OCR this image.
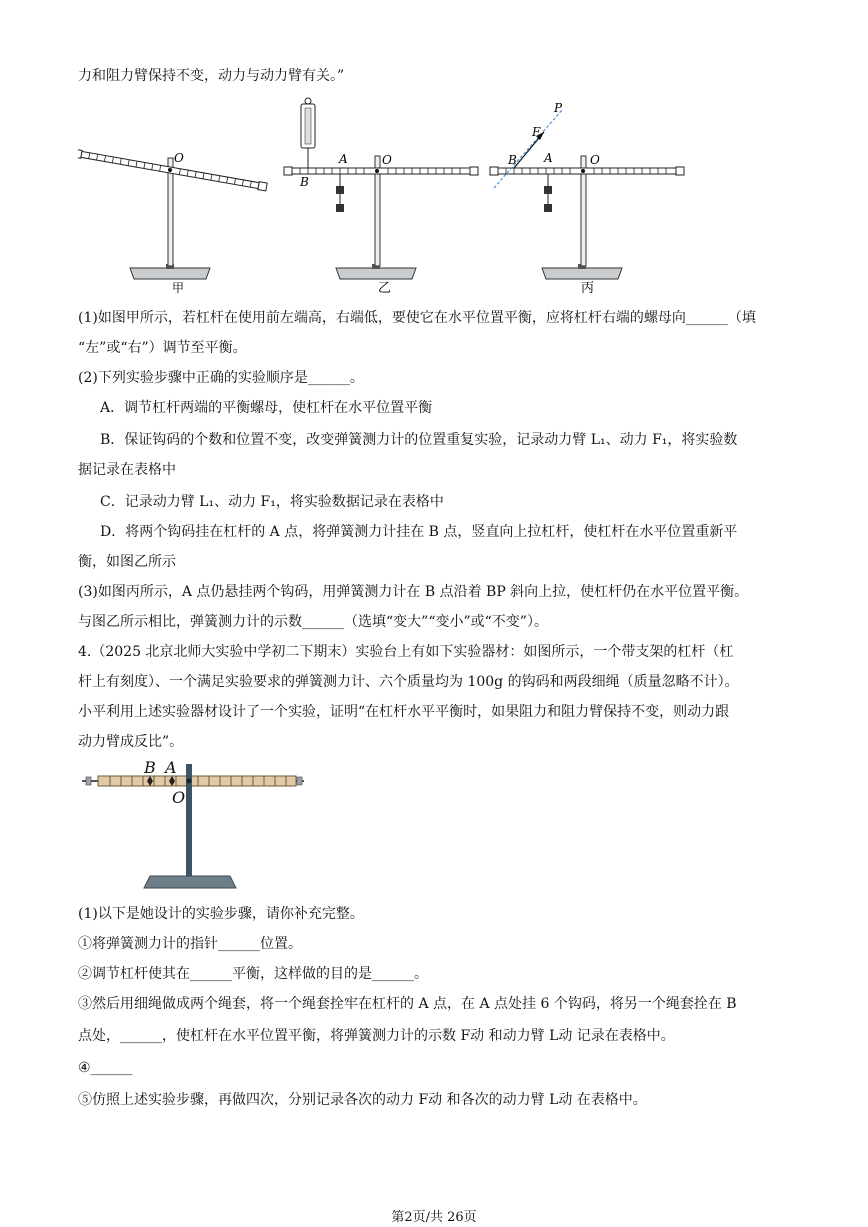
力和阻力臂保持不变，动力与动力臂有关。”
甲
O
乙
A	O
B
丙
B A	O
F
P
(1)如图甲所示，若杠杆在使用前左端高，右端低，要使它在水平位置平衡，应将杠杆右端的螺母向______（填
“左”或“右”）调节至平衡。
(2)下列实验步骤中正确的实验顺序是______。
A．调节杠杆两端的平衡螺母，使杠杆在水平位置平衡
B．保证钩码的个数和位置不变，改变弹簧测力计的位置重复实验，记录动力臂 L₁、动力 F₁，将实验数
据记录在表格中
C．记录动力臂 L₁、动力 F₁，将实验数据记录在表格中
D．将两个钩码挂在杠杆的 A 点，将弹簧测力计挂在 B 点，竖直向上拉杠杆，使杠杆在水平位置重新平
衡，如图乙所示
(3)如图丙所示，A 点仍悬挂两个钩码，用弹簧测力计在 B 点沿着 BP 斜向上拉，使杠杆仍在水平位置平衡。
与图乙所示相比，弹簧测力计的示数______（选填“变大”“变小”或“不变”）。
4.（2025 北京北师大实验中学初二下期末）实验台上有如下实验器材：如图所示，一个带支架的杠杆（杠
杆上有刻度）、一个满足实验要求的弹簧测力计、六个质量均为 100g 的钩码和两段细绳（质量忽略不计）。
小平利用上述实验器材设计了一个实验，证明“在杠杆水平平衡时，如果阻力和阻力臂保持不变，则动力跟
动力臂成反比”。
B A
O
(1)以下是她设计的实验步骤，请你补充完整。
①将弹簧测力计的指针______位置。
②调节杠杆使其在______平衡，这样做的目的是______。
③然后用细绳做成两个绳套，将一个绳套拴牢在杠杆的 A 点，在 A 点处挂 6 个钩码，将另一个绳套拴在 B
点处，______，使杠杆在水平位置平衡，将弹簧测力计的示数 F动 和动力臂 L动 记录在表格中。
④______
⑤仿照上述实验步骤，再做四次，分别记录各次的动力 F动 和各次的动力臂 L动 在表格中。
第2页/共 26页
